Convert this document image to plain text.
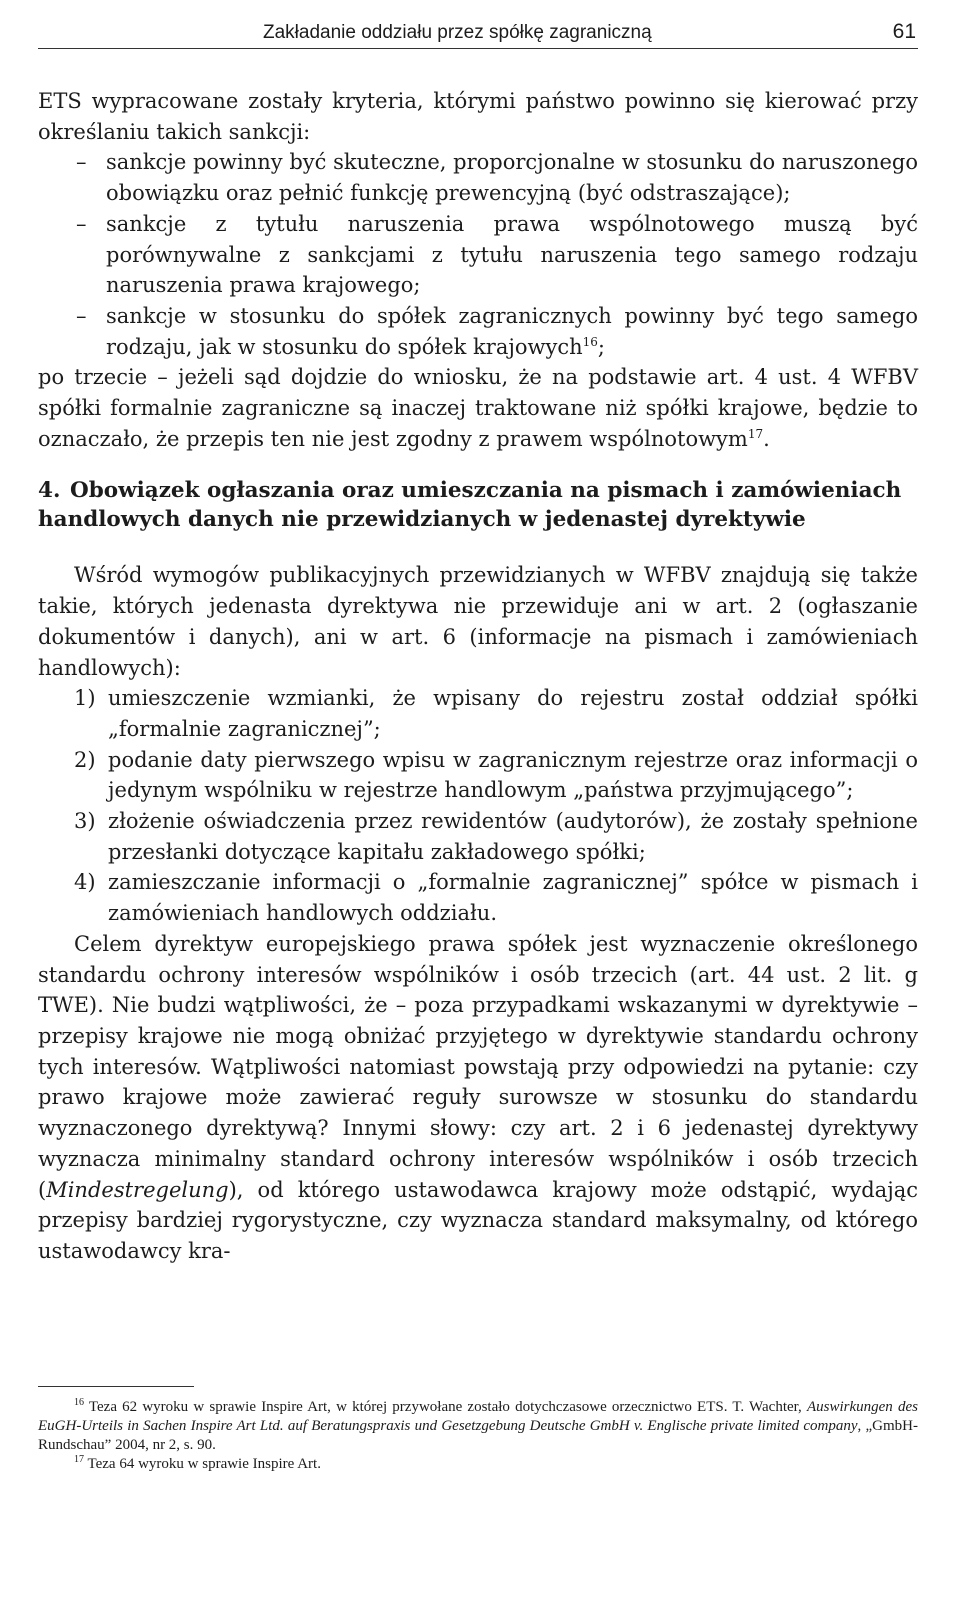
Zakładanie oddziału przez spółkę zagraniczną	61

ETS wypracowane zostały kryteria, którymi państwo powinno się kierować przy określaniu takich sankcji:

– sankcje powinny być skuteczne, proporcjonalne w stosunku do naruszonego obowiązku oraz pełnić funkcję prewencyjną (być odstraszające);

– sankcje z tytułu naruszenia prawa wspólnotowego muszą być porównywalne z sankcjami z tytułu naruszenia tego samego rodzaju naruszenia prawa krajowego;

– sankcje w stosunku do spółek zagranicznych powinny być tego samego rodzaju, jak w stosunku do spółek krajowych$^{16}$;

po trzecie – jeżeli sąd dojdzie do wniosku, że na podstawie art. 4 ust. 4 WFBV spółki formalnie zagraniczne są inaczej traktowane niż spółki krajowe, będzie to oznaczało, że przepis ten nie jest zgodny z prawem wspólnotowym$^{17}$.

4. Obowiązek ogłaszania oraz umieszczania na pismach i zamówieniach handlowych danych nie przewidzianych w jedenastej dyrektywie

Wśród wymogów publikacyjnych przewidzianych w WFBV znajdują się także takie, których jedenasta dyrektywa nie przewiduje ani w art. 2 (ogłaszanie dokumentów i danych), ani w art. 6 (informacje na pismach i zamówieniach handlowych):

1) umieszczenie wzmianki, że wpisany do rejestru został oddział spółki „formalnie zagranicznej”;

2) podanie daty pierwszego wpisu w zagranicznym rejestrze oraz informacji o jedynym wspólniku w rejestrze handlowym „państwa przyjmującego”;

3) złożenie oświadczenia przez rewidentów (audytorów), że zostały spełnione przesłanki dotyczące kapitału zakładowego spółki;

4) zamieszczanie informacji o „formalnie zagranicznej” spółce w pismach i zamówieniach handlowych oddziału.

Celem dyrektyw europejskiego prawa spółek jest wyznaczenie określonego standardu ochrony interesów wspólników i osób trzecich (art. 44 ust. 2 lit. g TWE). Nie budzi wątpliwości, że – poza przypadkami wskazanymi w dyrektywie – przepisy krajowe nie mogą obniżać przyjętego w dyrektywie standardu ochrony tych interesów. Wątpliwości natomiast powstają przy odpowiedzi na pytanie: czy prawo krajowe może zawierać reguły surowsze w stosunku do standardu wyznaczonego dyrektywą? Innymi słowy: czy art. 2 i 6 jedenastej dyrektywy wyznacza minimalny standard ochrony interesów wspólników i osób trzecich (Mindestregelung), od którego ustawodawca krajowy może odstąpić, wydając przepisy bardziej rygorystyczne, czy wyznacza standard maksymalny, od którego ustawodawcy kra-

$^{16}$ Teza 62 wyroku w sprawie Inspire Art, w której przywołane zostało dotychczasowe orzecznictwo ETS. T. Wachter, Auswirkungen des EuGH-Urteils in Sachen Inspire Art Ltd. auf Beratungspraxis und Gesetzgebung Deutsche GmbH v. Englische private limited company, „GmbH-Rundschau” 2004, nr 2, s. 90.

$^{17}$ Teza 64 wyroku w sprawie Inspire Art.
